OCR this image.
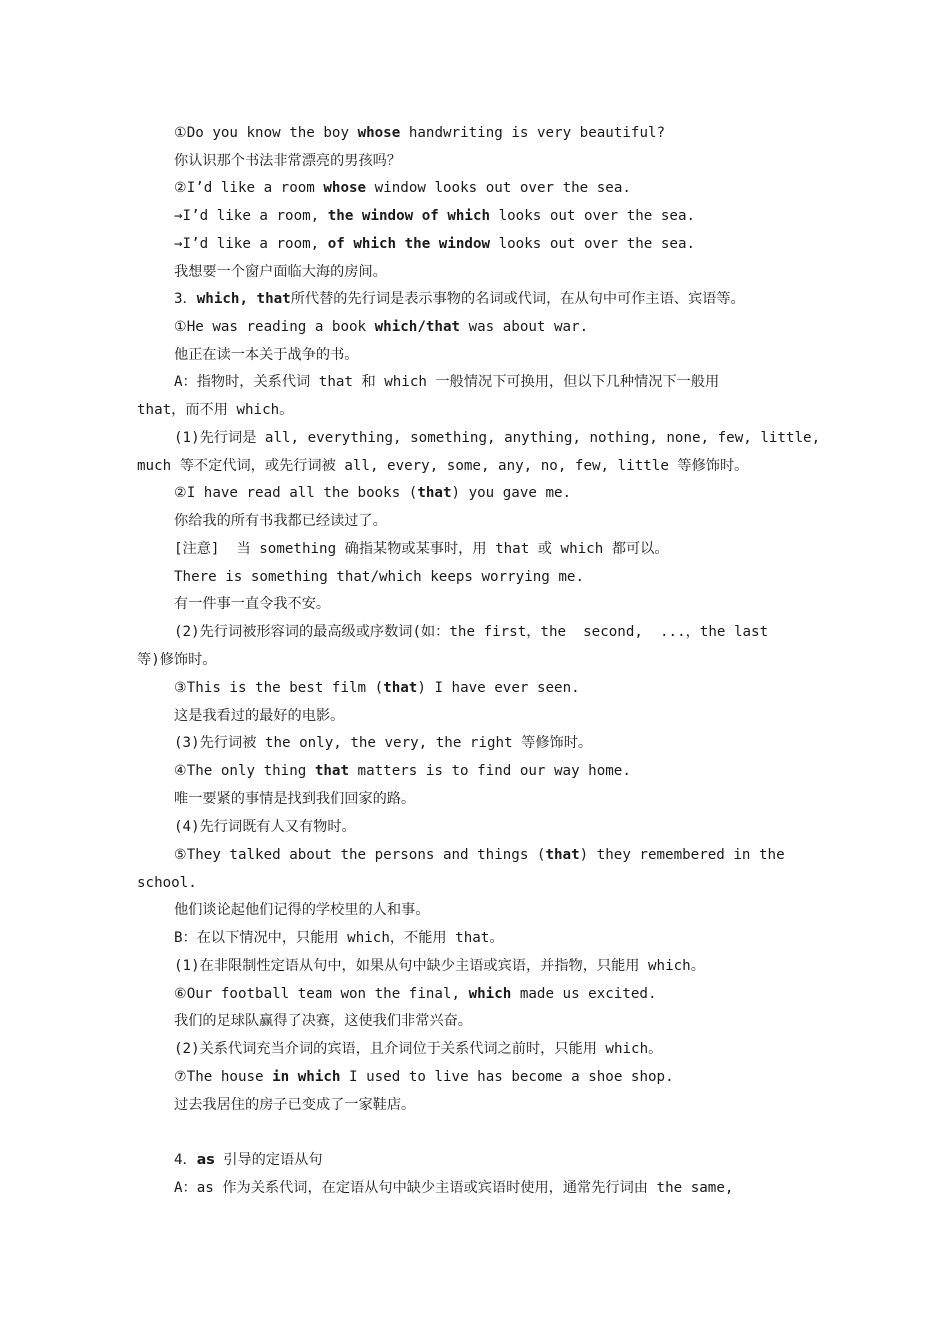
①Do you know the boy whose handwriting is very beautiful?
你认识那个书法非常漂亮的男孩吗？
②I’d like a room whose window looks out over the sea.
→I’d like a room, the window of which looks out over the sea.
→I’d like a room, of which the window looks out over the sea.
我想要一个窗户面临大海的房间。
3．which, that所代替的先行词是表示事物的名词或代词，在从句中可作主语、宾语等。
①He was reading a book which/that was about war.
他正在读一本关于战争的书。
A：指物时，关系代词 that 和 which 一般情况下可换用，但以下几种情况下一般用
that，而不用 which。
(1)先行词是 all, everything, something, anything, nothing, none, few, little,
much 等不定代词，或先行词被 all, every, some, any, no, few, little 等修饰时。
②I have read all the books (that) you gave me.
你给我的所有书我都已经读过了。
[注意]  当 something 确指某物或某事时，用 that 或 which 都可以。
There is something that/which keeps worrying me.
有一件事一直令我不安。
(2)先行词被形容词的最高级或序数词(如：the first，the  second,  ...，the last
等)修饰时。
③This is the best film (that) I have ever seen.
这是我看过的最好的电影。
(3)先行词被 the only, the very, the right 等修饰时。
④The only thing that matters is to find our way home.
唯一要紧的事情是找到我们回家的路。
(4)先行词既有人又有物时。
⑤They talked about the persons and things (that) they remembered in the
school.
他们谈论起他们记得的学校里的人和事。
B：在以下情况中，只能用 which，不能用 that。
(1)在非限制性定语从句中，如果从句中缺少主语或宾语，并指物，只能用 which。
⑥Our football team won the final, which made us excited.
我们的足球队赢得了决赛，这使我们非常兴奋。
(2)关系代词充当介词的宾语，且介词位于关系代词之前时，只能用 which。
⑦The house in which I used to live has become a shoe shop.
过去我居住的房子已变成了一家鞋店。
4．as 引导的定语从句
A：as 作为关系代词，在定语从句中缺少主语或宾语时使用，通常先行词由 the same,
